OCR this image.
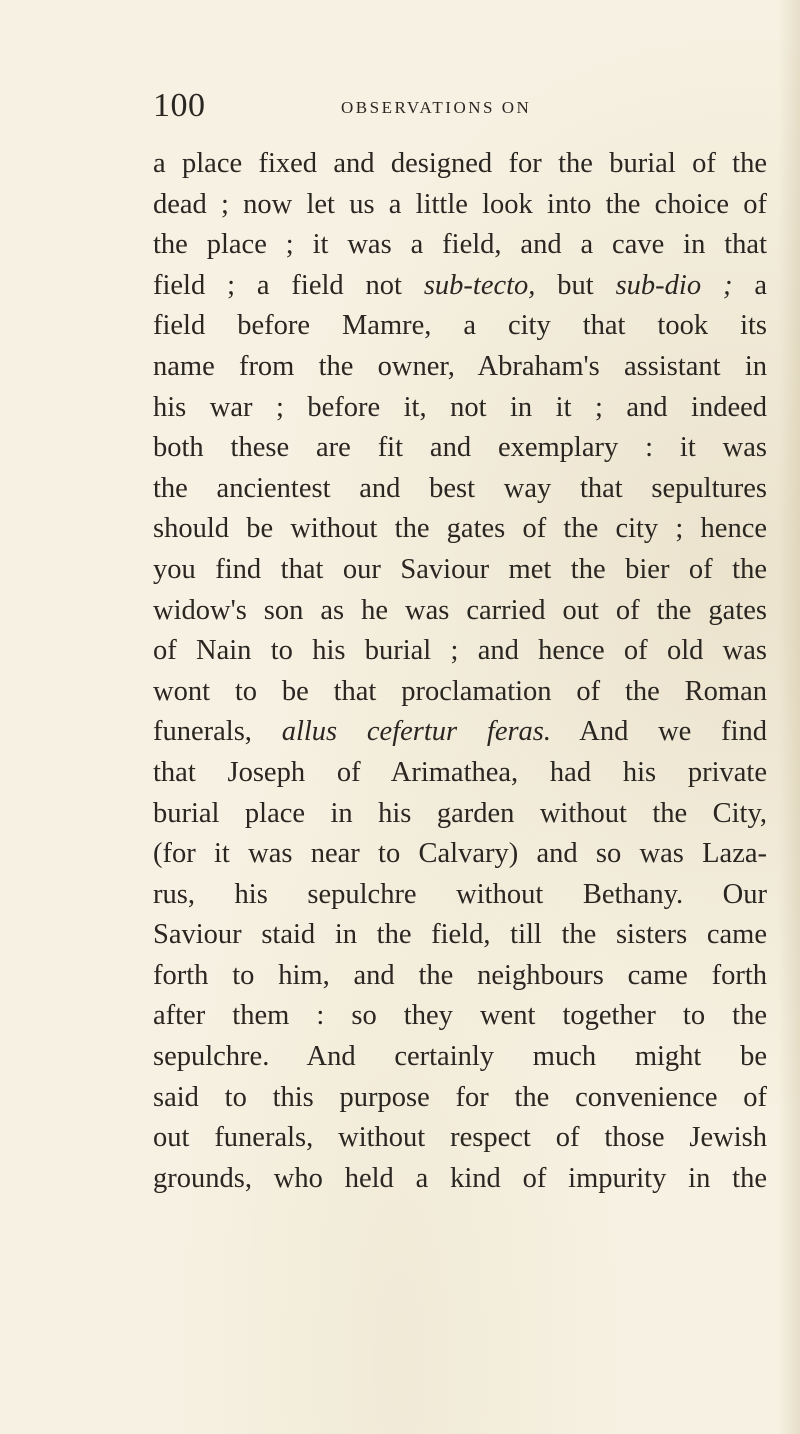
100	OBSERVATIONS ON
a place fixed and designed for the burial of the
dead ; now let us a little look into the choice of
the place ; it was a field, and a cave in that
field ; a field not sub-tecto, but sub-dio ; a
field before Mamre, a city that took its
name from the owner, Abraham's assistant in
his war ; before it, not in it ; and indeed
both these are fit and exemplary : it was
the ancientest and best way that sepultures
should be without the gates of the city ; hence
you find that our Saviour met the bier of the
widow's son as he was carried out of the gates
of Nain to his burial ; and hence of old was
wont to be that proclamation of the Roman
funerals, allus cefertur feras. And we find
that Joseph of Arimathea, had his private
burial place in his garden without the City,
(for it was near to Calvary) and so was Laza-
rus, his sepulchre without Bethany. Our
Saviour staid in the field, till the sisters came
forth to him, and the neighbours came forth
after them : so they went together to the
sepulchre. And certainly much might be
said to this purpose for the convenience of
out funerals, without respect of those Jewish
grounds, who held a kind of impurity in the
